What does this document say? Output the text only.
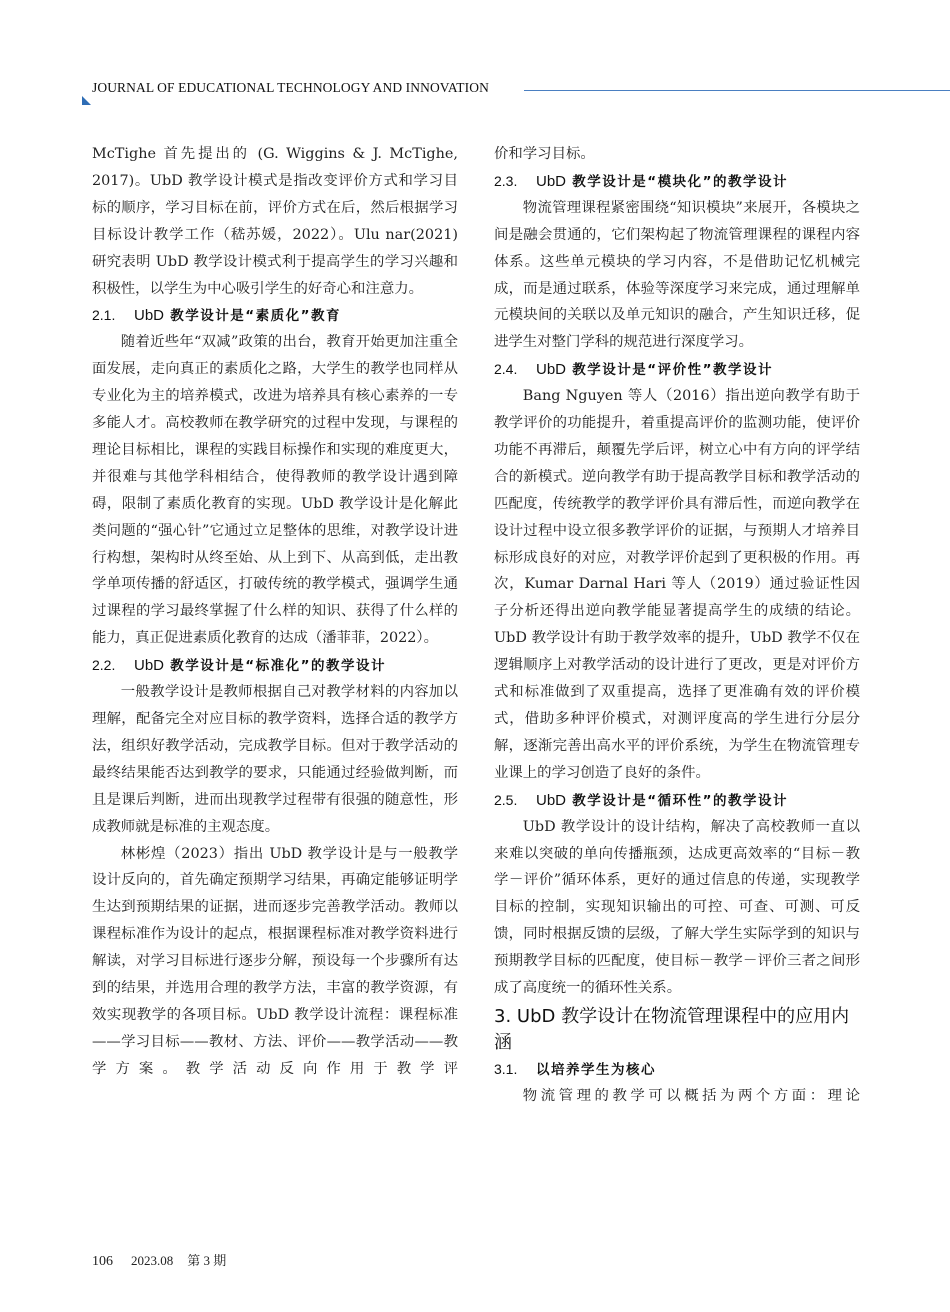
JOURNAL OF EDUCATIONAL TECHNOLOGY AND INNOVATION

McTighe 首先提出的 (G. Wiggins & J. McTighe, 2017)。UbD 教学设计模式是指改变评价方式和学习目标的顺序，学习目标在前，评价方式在后，然后根据学习目标设计教学工作（嵇苏媛，2022）。Ulu nar(2021) 研究表明 UbD 教学设计模式利于提高学生的学习兴趣和积极性，以学生为中心吸引学生的好奇心和注意力。

2.1. UbD 教学设计是“素质化”教育

随着近些年“双减”政策的出台，教育开始更加注重全面发展，走向真正的素质化之路，大学生的教学也同样从专业化为主的培养模式，改进为培养具有核心素养的一专多能人才。高校教师在教学研究的过程中发现，与课程的理论目标相比，课程的实践目标操作和实现的难度更大，并很难与其他学科相结合，使得教师的教学设计遇到障碍，限制了素质化教育的实现。UbD 教学设计是化解此类问题的“强心针”它通过立足整体的思维，对教学设计进行构想，架构时从终至始、从上到下、从高到低，走出教学单项传播的舒适区，打破传统的教学模式，强调学生通过课程的学习最终掌握了什么样的知识、获得了什么样的能力，真正促进素质化教育的达成（潘菲菲，2022）。

2.2. UbD 教学设计是“标准化”的教学设计

一般教学设计是教师根据自己对教学材料的内容加以理解，配备完全对应目标的教学资料，选择合适的教学方法，组织好教学活动，完成教学目标。但对于教学活动的最终结果能否达到教学的要求，只能通过经验做判断，而且是课后判断，进而出现教学过程带有很强的随意性，形成教师就是标准的主观态度。

林彬煌（2023）指出 UbD 教学设计是与一般教学设计反向的，首先确定预期学习结果，再确定能够证明学生达到预期结果的证据，进而逐步完善教学活动。教师以课程标准作为设计的起点，根据课程标准对教学资料进行解读，对学习目标进行逐步分解，预设每一个步骤所有达到的结果，并选用合理的教学方法，丰富的教学资源，有效实现教学的各项目标。UbD 教学设计流程：课程标准——学习目标——教材、方法、评价——教学活动——教学方案。教学活动反向作用于教学评

价和学习目标。

2.3. UbD 教学设计是“模块化”的教学设计

物流管理课程紧密围绕“知识模块”来展开，各模块之间是融会贯通的，它们架构起了物流管理课程的课程内容体系。这些单元模块的学习内容，不是借助记忆机械完成，而是通过联系，体验等深度学习来完成，通过理解单元模块间的关联以及单元知识的融合，产生知识迁移，促进学生对整门学科的规范进行深度学习。

2.4. UbD 教学设计是“评价性”教学设计

Bang Nguyen 等人（2016）指出逆向教学有助于教学评价的功能提升，着重提高评价的监测功能，使评价功能不再滞后，颠覆先学后评，树立心中有方向的评学结合的新模式。逆向教学有助于提高教学目标和教学活动的匹配度，传统教学的教学评价具有滞后性，而逆向教学在设计过程中设立很多教学评价的证据，与预期人才培养目标形成良好的对应，对教学评价起到了更积极的作用。再次，Kumar Darnal Hari 等人（2019）通过验证性因子分析还得出逆向教学能显著提高学生的成绩的结论。UbD 教学设计有助于教学效率的提升，UbD 教学不仅在逻辑顺序上对教学活动的设计进行了更改，更是对评价方式和标准做到了双重提高，选择了更准确有效的评价模式，借助多种评价模式，对测评度高的学生进行分层分解，逐渐完善出高水平的评价系统，为学生在物流管理专业课上的学习创造了良好的条件。

2.5. UbD 教学设计是“循环性”的教学设计

UbD 教学设计的设计结构，解决了高校教师一直以来难以突破的单向传播瓶颈，达成更高效率的“目标－教学－评价”循环体系，更好的通过信息的传递，实现教学目标的控制，实现知识输出的可控、可查、可测、可反馈，同时根据反馈的层级，了解大学生实际学到的知识与预期教学目标的匹配度，使目标－教学－评价三者之间形成了高度统一的循环性关系。

3. UbD 教学设计在物流管理课程中的应用内涵
3.1. 以培养学生为核心

物流管理的教学可以概括为两个方面：理论

106 2023.08 第 3 期
